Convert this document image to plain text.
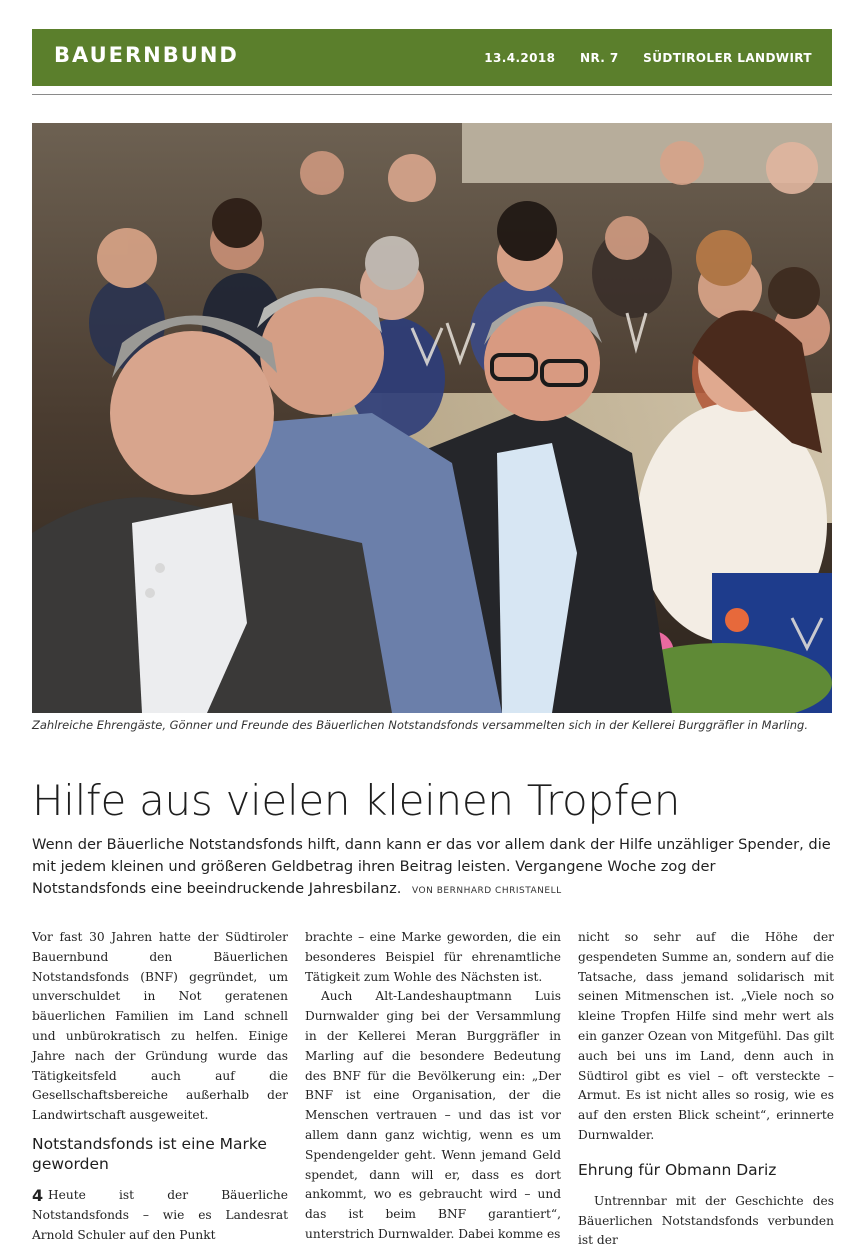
BAUERNBUND	13.4.2018 NR. 7 SÜDTIROLER LANDWIRT
Zahlreiche Ehrengäste, Gönner und Freunde des Bäuerlichen Notstandsfonds versammelten sich in der Kellerei Burggräfler in Marling.
Hilfe aus vielen kleinen Tropfen
Wenn der Bäuerliche Notstandsfonds hilft, dann kann er das vor allem dank der Hilfe unzähliger Spender, die mit jedem kleinen und größeren Geldbetrag ihren Beitrag leisten. Vergangene Woche zog der Notstandsfonds eine beeindruckende Jahresbilanz. VON BERNHARD CHRISTANELL

Vor fast 30 Jahren hatte der Südtiroler Bauernbund den Bäuerlichen Notstandsfonds (BNF) gegründet, um unverschuldet in Not geratenen bäuerlichen Familien im Land schnell und unbürokratisch zu helfen. Einige Jahre nach der Gründung wurde das Tätigkeitsfeld auch auf die Gesellschaftsbereiche außerhalb der Landwirtschaft ausgeweitet.

Notstandsfonds ist eine Marke geworden

Heute ist der Bäuerliche Notstandsfonds – wie es Landesrat Arnold Schuler auf den Punkt

brachte – eine Marke geworden, die ein besonderes Beispiel für ehrenamtliche Tätigkeit zum Wohle des Nächsten ist.

Auch Alt-Landeshauptmann Luis Durnwalder ging bei der Versammlung in der Kellerei Meran Burggräfler in Marling auf die besondere Bedeutung des BNF für die Bevölkerung ein: „Der BNF ist eine Organisation, der die Menschen vertrauen – und das ist vor allem dann ganz wichtig, wenn es um Spendengelder geht. Wenn jemand Geld spendet, dann will er, dass es dort ankommt, wo es gebraucht wird – und das ist beim BNF garantiert“, unterstrich Durnwalder. Dabei komme es

nicht so sehr auf die Höhe der gespendeten Summe an, sondern auf die Tatsache, dass jemand solidarisch mit seinen Mitmenschen ist. „Viele noch so kleine Tropfen Hilfe sind mehr wert als ein ganzer Ozean von Mitgefühl. Das gilt auch bei uns im Land, denn auch in Südtirol gibt es viel – oft versteckte – Armut. Es ist nicht alles so rosig, wie es auf den ersten Blick scheint“, erinnerte Durnwalder.

Ehrung für Obmann Dariz

Untrennbar mit der Geschichte des Bäuerlichen Notstandsfonds verbunden ist der

4
